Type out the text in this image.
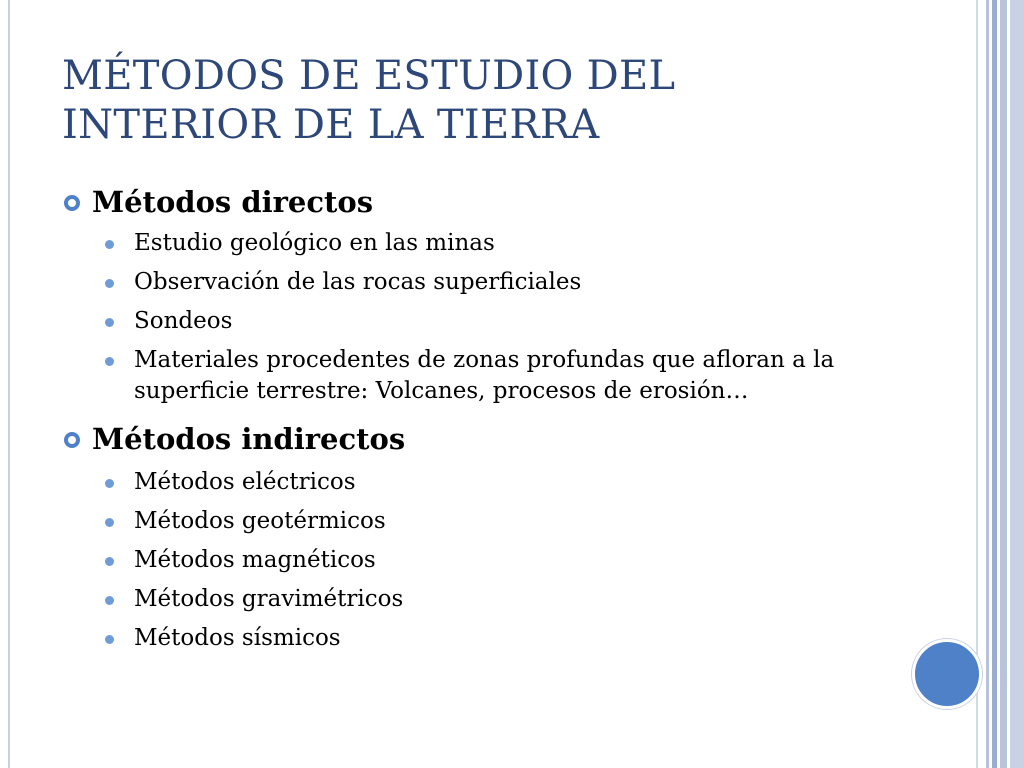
MÉTODOS DE ESTUDIO DEL
INTERIOR DE LA TIERRA
Métodos directos
Estudio geológico en las minas
Observación de las rocas superficiales
Sondeos
Materiales procedentes de zonas profundas que afloran a la superficie terrestre: Volcanes, procesos de erosión…
Métodos indirectos
Métodos eléctricos
Métodos geotérmicos
Métodos magnéticos
Métodos gravimétricos
Métodos sísmicos
